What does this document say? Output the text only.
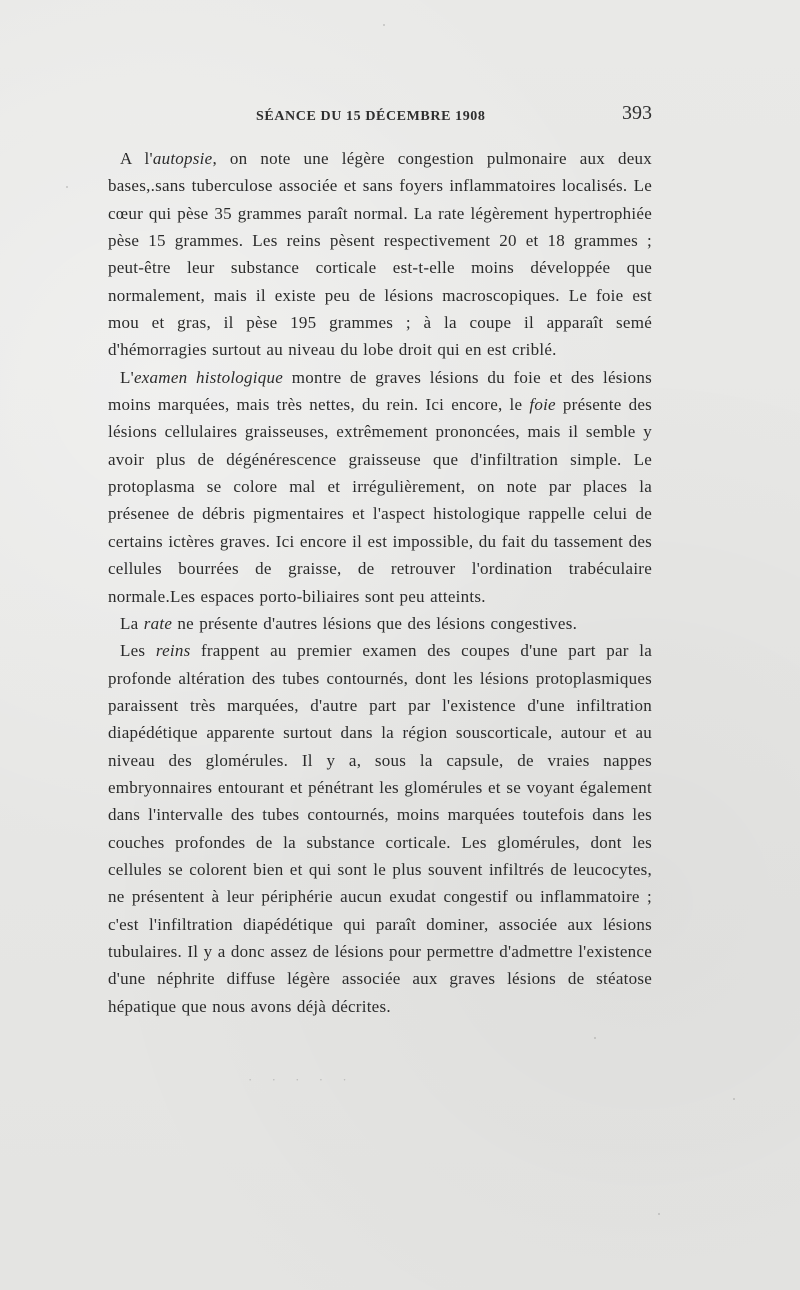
SÉANCE DU 15 DÉCEMBRE 1908	393

A l'autopsie, on note une légère congestion pulmonaire aux deux bases,.sans tuberculose associée et sans foyers inflammatoires localisés. Le cœur qui pèse 35 grammes paraît normal. La rate légèrement hypertrophiée pèse 15 grammes. Les reins pèsent respectivement 20 et 18 grammes ; peut-être leur substance corticale est-t-elle moins développée que normalement, mais il existe peu de lésions macroscopiques. Le foie est mou et gras, il pèse 195 grammes ; à la coupe il apparaît semé d'hémorragies surtout au niveau du lobe droit qui en est criblé.

L'examen histologique montre de graves lésions du foie et des lésions moins marquées, mais très nettes, du rein. Ici encore, le foie présente des lésions cellulaires graisseuses, extrêmement prononcées, mais il semble y avoir plus de dégénérescence graisseuse que d'infiltration simple. Le protoplasma se colore mal et irrégulièrement, on note par places la présenee de débris pigmentaires et l'aspect histologique rappelle celui de certains ictères graves. Ici encore il est impossible, du fait du tassement des cellules bourrées de graisse, de retrouver l'ordination trabéculaire normale.Les espaces porto-biliaires sont peu atteints.

La rate ne présente d'autres lésions que des lésions congestives.

Les reins frappent au premier examen des coupes d'une part par la profonde altération des tubes contournés, dont les lésions protoplasmiques paraissent très marquées, d'autre part par l'existence d'une infiltration diapédétique apparente surtout dans la région souscorticale, autour et au niveau des glomérules. Il y a, sous la capsule, de vraies nappes embryonnaires entourant et pénétrant les glomérules et se voyant également dans l'intervalle des tubes contournés, moins marquées toutefois dans les couches profondes de la substance corticale. Les glomérules, dont les cellules se colorent bien et qui sont le plus souvent infiltrés de leucocytes, ne présentent à leur périphérie aucun exudat congestif ou inflammatoire ; c'est l'infiltration diapédétique qui paraît dominer, associée aux lésions tubulaires. Il y a donc assez de lésions pour permettre d'admettre l'existence d'une néphrite diffuse légère associée aux graves lésions de stéatose hépatique que nous avons déjà décrites.

· · · · ·
